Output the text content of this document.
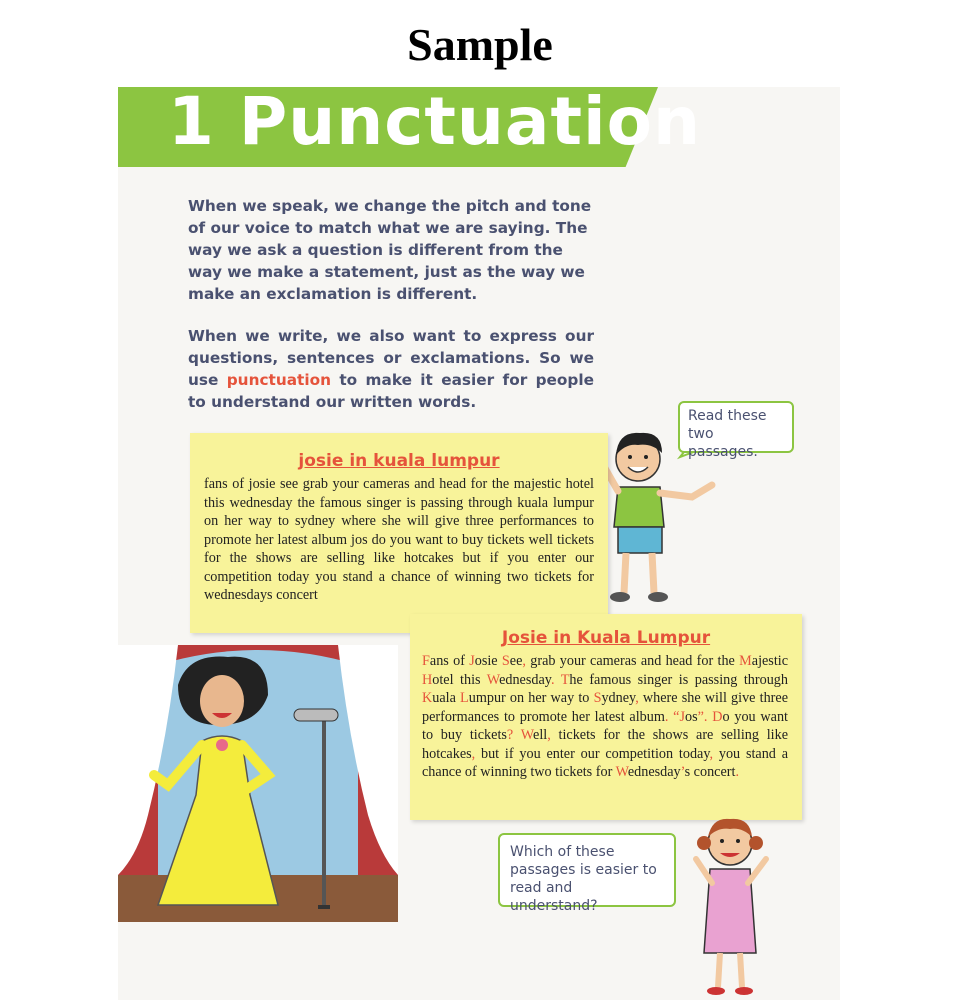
Sample
1 Punctuation

When we speak, we change the pitch and tone of our voice to match what we are saying. The way we ask a question is different from the way we make a statement, just as the way we make an exclamation is different.

When we write, we also want to express our questions, sentences or exclamations. So we use punctuation to make it easier for people to understand our written words.

Read these two passages.
josie in kuala lumpur

fans of josie see grab your cameras and head for the majestic hotel this wednesday the famous singer is passing through kuala lumpur on her way to sydney where she will give three performances to promote her latest album jos do you want to buy tickets well tickets for the shows are selling like hotcakes but if you enter our competition today you stand a chance of winning two tickets for wednesdays concert

Josie in Kuala Lumpur

Fans of Josie See, grab your cameras and head for the Majestic Hotel this Wednesday. The famous singer is passing through Kuala Lumpur on her way to Sydney, where she will give three performances to promote her latest album. “Jos”. Do you want to buy tickets? Well, tickets for the shows are selling like hotcakes, but if you enter our competition today, you stand a chance of winning two tickets for Wednesday’s concert.

Which of these passages is easier to read and understand?
